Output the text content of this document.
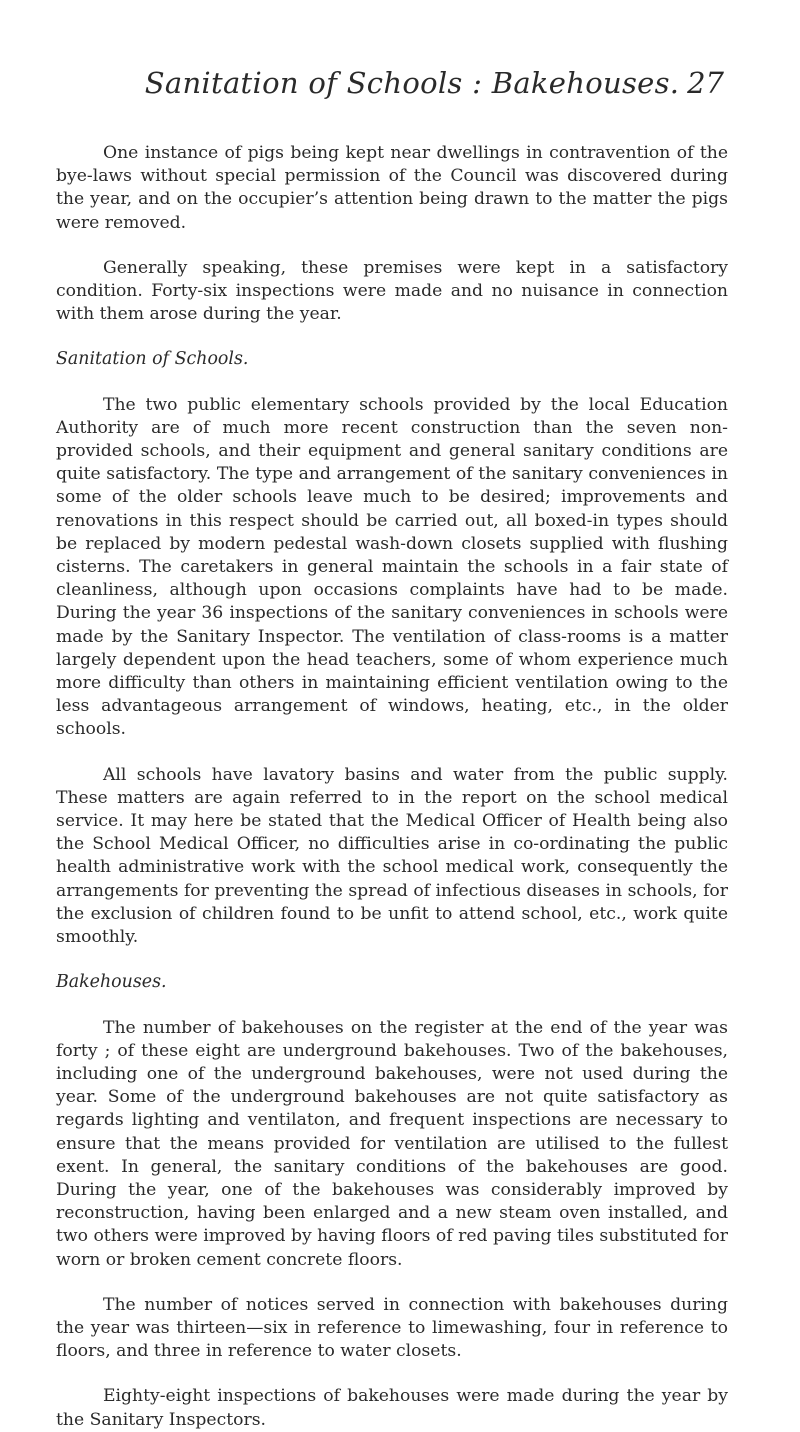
Sanitation of Schools : Bakehouses. 27

One instance of pigs being kept near dwellings in contravention of the bye-laws without special permission of the Council was discovered during the year, and on the occupier’s attention being drawn to the matter the pigs were removed.

Generally speaking, these premises were kept in a satisfactory condition. Forty-six inspections were made and no nuisance in connection with them arose during the year.

Sanitation of Schools.

The two public elementary schools provided by the local Education Authority are of much more recent construction than the seven non-provided schools, and their equipment and general sanitary conditions are quite satisfactory. The type and arrangement of the sanitary conveniences in some of the older schools leave much to be desired; improvements and renovations in this respect should be carried out, all boxed-in types should be replaced by modern pedestal wash-down closets supplied with flushing cisterns. The caretakers in general maintain the schools in a fair state of cleanliness, although upon occasions complaints have had to be made. During the year 36 inspections of the sanitary conveniences in schools were made by the Sanitary Inspector. The ventilation of class-rooms is a matter largely dependent upon the head teachers, some of whom experience much more difficulty than others in maintaining efficient ventilation owing to the less advantageous arrangement of windows, heating, etc., in the older schools.

All schools have lavatory basins and water from the public supply. These matters are again referred to in the report on the school medical service. It may here be stated that the Medical Officer of Health being also the School Medical Officer, no difficulties arise in co-ordinating the public health administrative work with the school medical work, consequently the arrangements for preventing the spread of infectious diseases in schools, for the exclusion of children found to be unfit to attend school, etc., work quite smoothly.

Bakehouses.

The number of bakehouses on the register at the end of the year was forty ; of these eight are underground bakehouses. Two of the bakehouses, including one of the underground bakehouses, were not used during the year. Some of the underground bakehouses are not quite satisfactory as regards lighting and ventilaton, and frequent inspections are necessary to ensure that the means provided for ventilation are utilised to the fullest exent. In general, the sanitary conditions of the bakehouses are good. During the year, one of the bakehouses was considerably improved by reconstruction, having been enlarged and a new steam oven installed, and two others were improved by having floors of red paving tiles substituted for worn or broken cement concrete floors.

The number of notices served in connection with bakehouses during the year was thirteen—six in reference to limewashing, four in reference to floors, and three in reference to water closets.

Eighty-eight inspections of bakehouses were made during the year by the Sanitary Inspectors.
